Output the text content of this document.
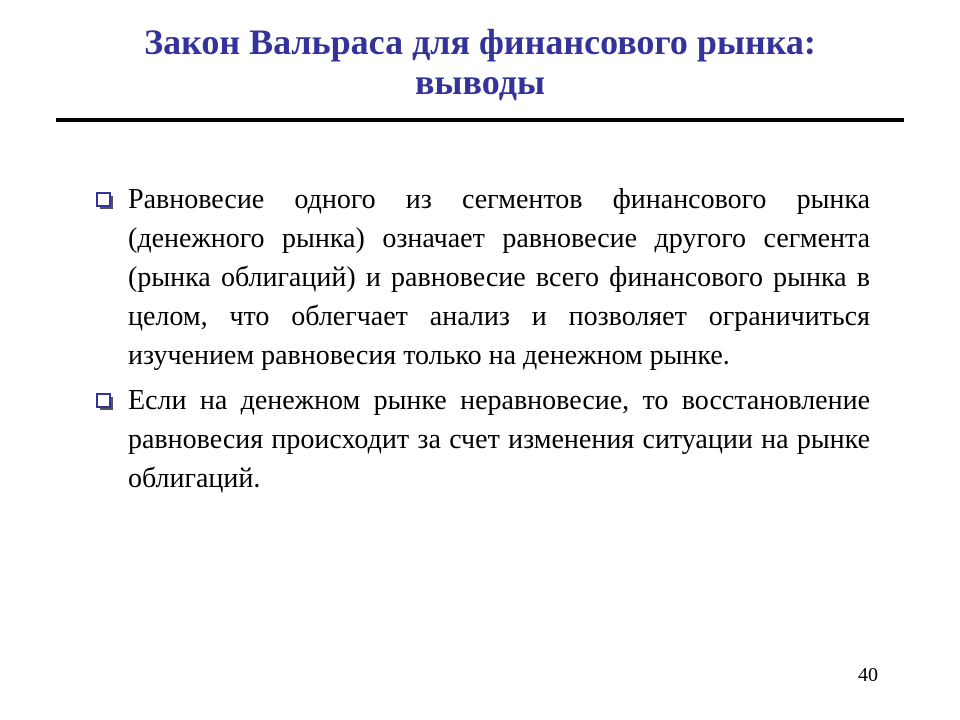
Закон Вальраса для финансового рынка:
выводы
Равновесие одного из сегментов финансового рынка (денежного рынка) означает равновесие другого сегмента (рынка облигаций) и равновесие всего финансового рынка в целом, что облегчает анализ и позволяет ограничиться изучением равновесия только на денежном рынке.
Если на денежном рынке неравновесие, то восстановление равновесия происходит за счет изменения ситуации на рынке облигаций.
40
